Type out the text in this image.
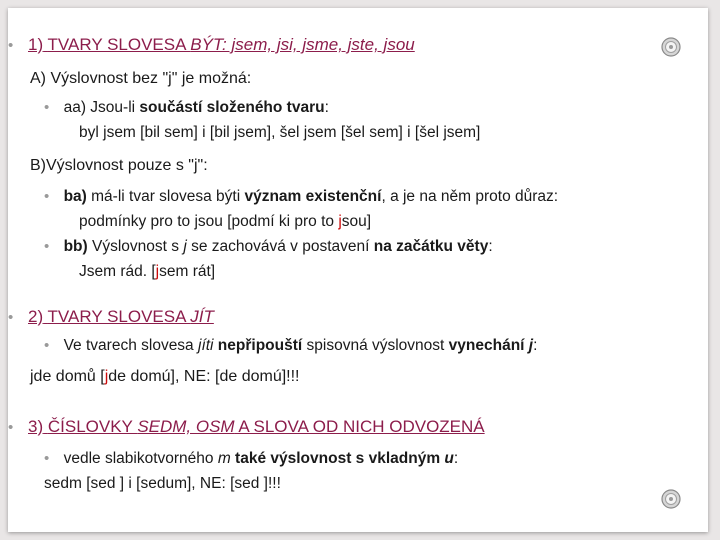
• 1) TVARY SLOVESA BÝT: jsem, jsi, jsme, jste, jsou
A) Výslovnost bez "j" je možná:
• aa) Jsou-li součástí složeného tvaru:
byl jsem [bil sem] i [bil jsem], šel jsem [šel sem] i [šel jsem]
B)Výslovnost pouze s "j":
• ba) má-li tvar slovesa býti význam existenční, a je na něm proto důraz:
podmínky pro to jsou [podmí ki pro to jsou]
• bb) Výslovnost s j se zachovává v postavení na začátku věty:
Jsem rád. [jsem rát]
• 2) TVARY SLOVESA JÍT
• Ve tvarech slovesa jíti nepřipouští spisovná výslovnost vynechání j:
jde domů [jde domú], NE: [de domú]!!!
• 3) ČÍSLOVKY SEDM, OSM A SLOVA OD NICH ODVOZENÁ
• vedle slabikotvorného m také výslovnost s vkladným u:
sedm [sed ] i [sedum], NE: [sed ]!!!
